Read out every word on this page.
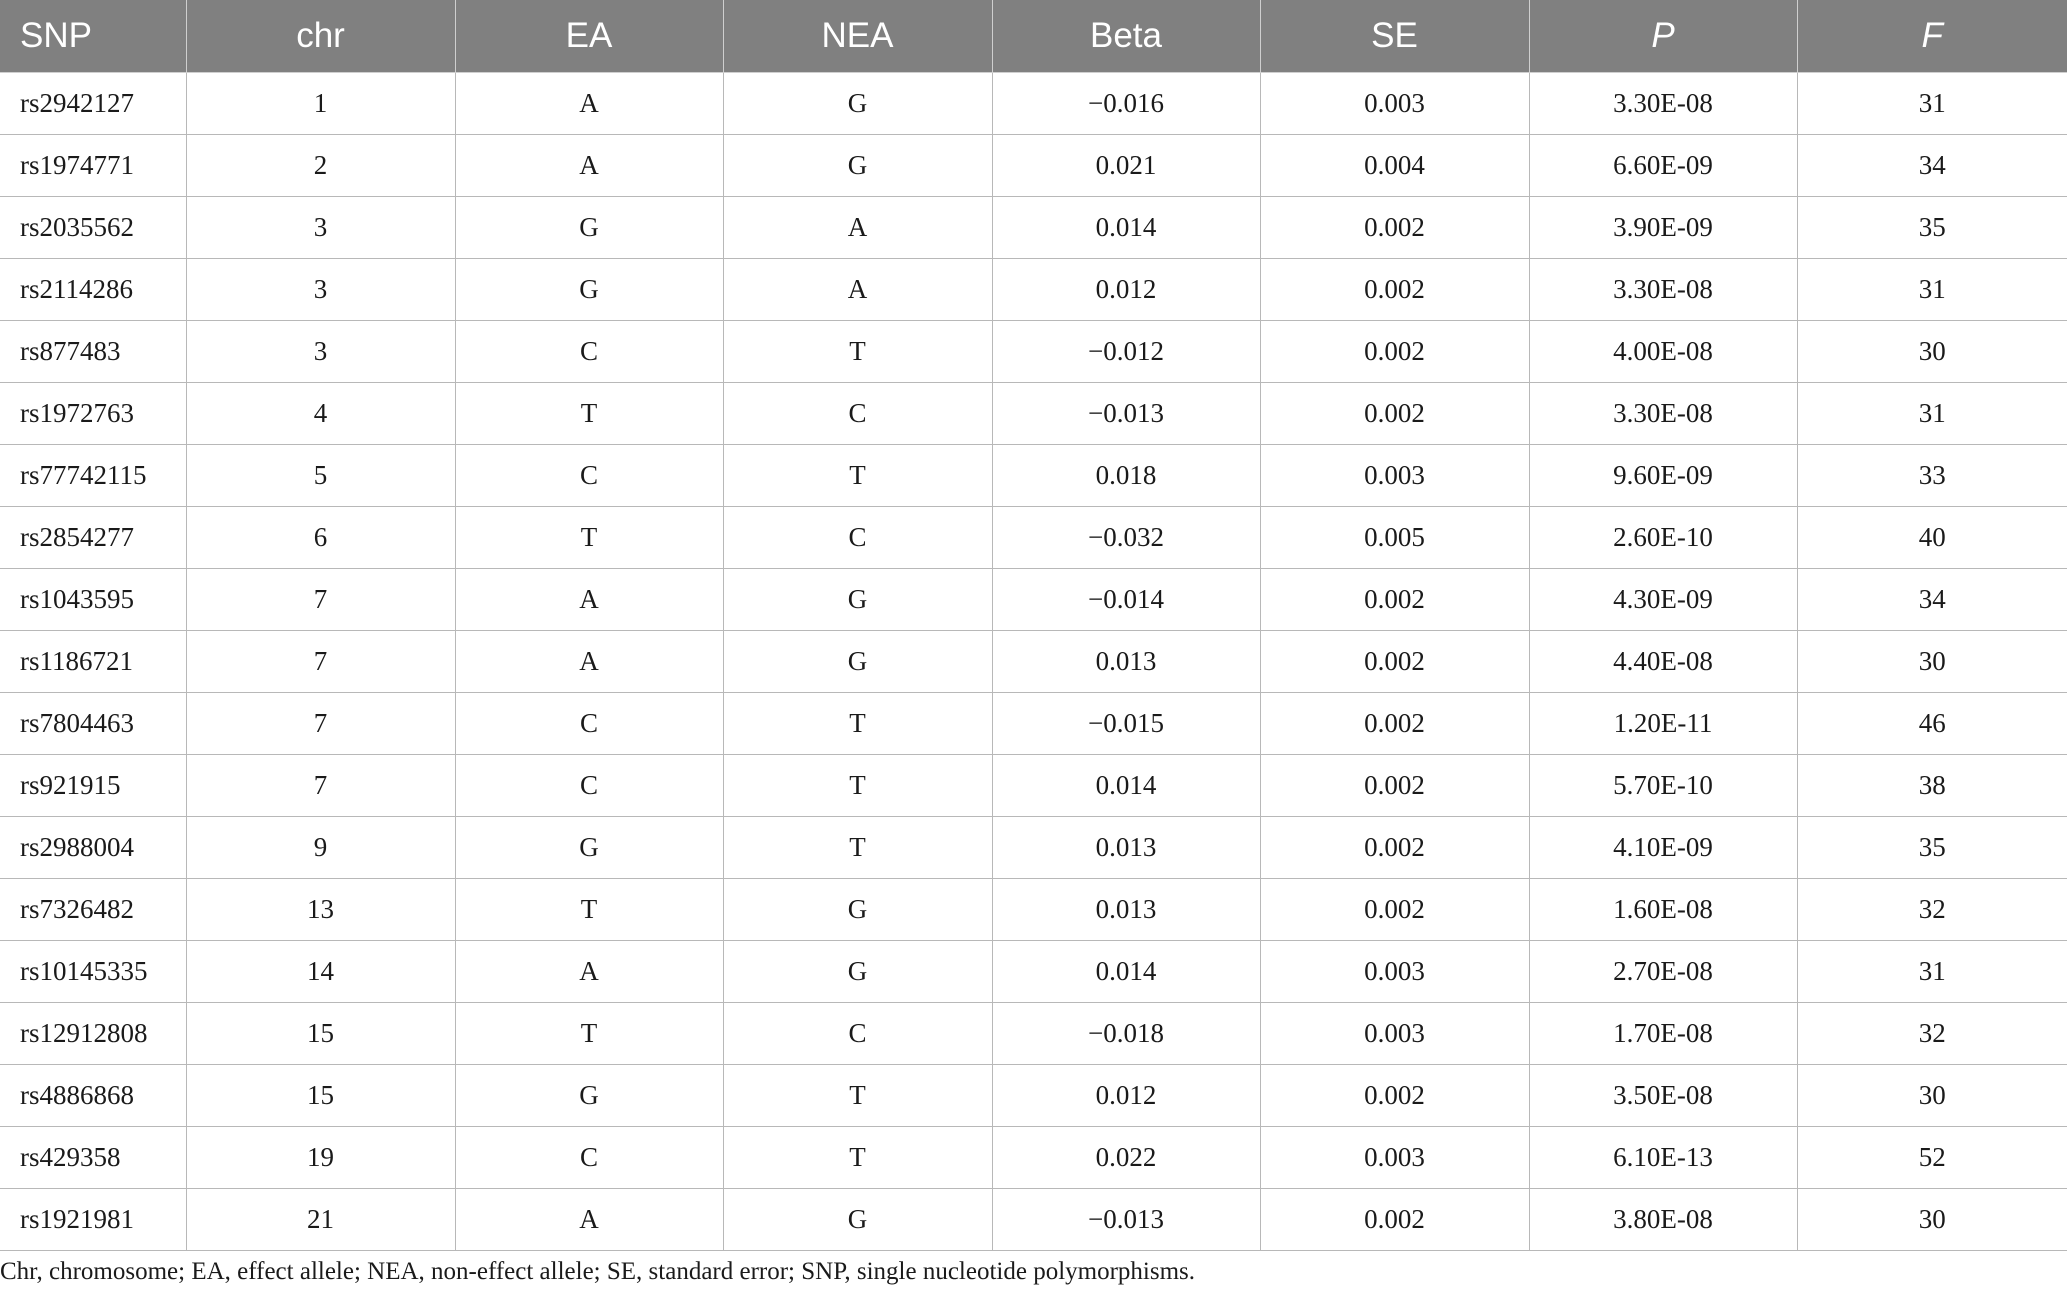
SNP	chr	EA	NEA	Beta	SE	P	F
rs2942127	1	A	G	−0.016	0.003	3.30E-08	31
rs1974771	2	A	G	0.021	0.004	6.60E-09	34
rs2035562	3	G	A	0.014	0.002	3.90E-09	35
rs2114286	3	G	A	0.012	0.002	3.30E-08	31
rs877483	3	C	T	−0.012	0.002	4.00E-08	30
rs1972763	4	T	C	−0.013	0.002	3.30E-08	31
rs77742115	5	C	T	0.018	0.003	9.60E-09	33
rs2854277	6	T	C	−0.032	0.005	2.60E-10	40
rs1043595	7	A	G	−0.014	0.002	4.30E-09	34
rs1186721	7	A	G	0.013	0.002	4.40E-08	30
rs7804463	7	C	T	−0.015	0.002	1.20E-11	46
rs921915	7	C	T	0.014	0.002	5.70E-10	38
rs2988004	9	G	T	0.013	0.002	4.10E-09	35
rs7326482	13	T	G	0.013	0.002	1.60E-08	32
rs10145335	14	A	G	0.014	0.003	2.70E-08	31
rs12912808	15	T	C	−0.018	0.003	1.70E-08	32
rs4886868	15	G	T	0.012	0.002	3.50E-08	30
rs429358	19	C	T	0.022	0.003	6.10E-13	52
rs1921981	21	A	G	−0.013	0.002	3.80E-08	30
Chr, chromosome; EA, effect allele; NEA, non-effect allele; SE, standard error; SNP, single nucleotide polymorphisms.
